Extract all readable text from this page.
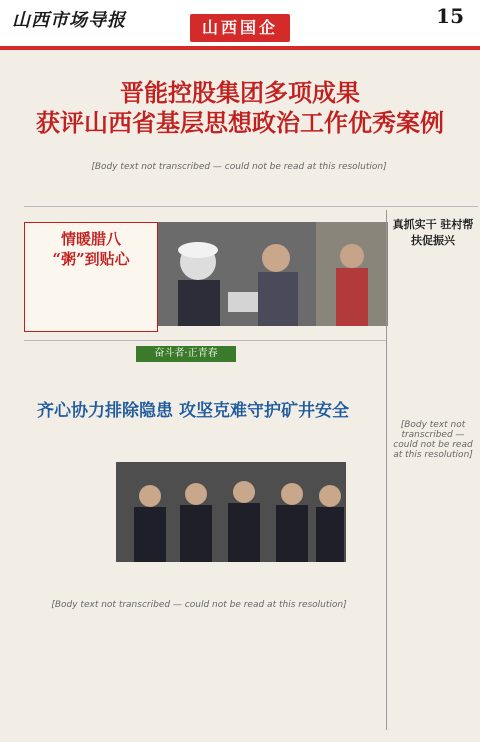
山西市场导报	山西国企	15
晋能控股集团多项成果
获评山西省基层思想政治工作优秀案例
[Body text not transcribed — could not be read at this resolution]
情暖腊八
“粥”到贴心
真抓实干 驻村帮扶促振兴
[Body text not transcribed — could not be read at this resolution]
奋斗者·正青春
齐心协力排除隐患 攻坚克难守护矿井安全
[Body text not transcribed — could not be read at this resolution]
